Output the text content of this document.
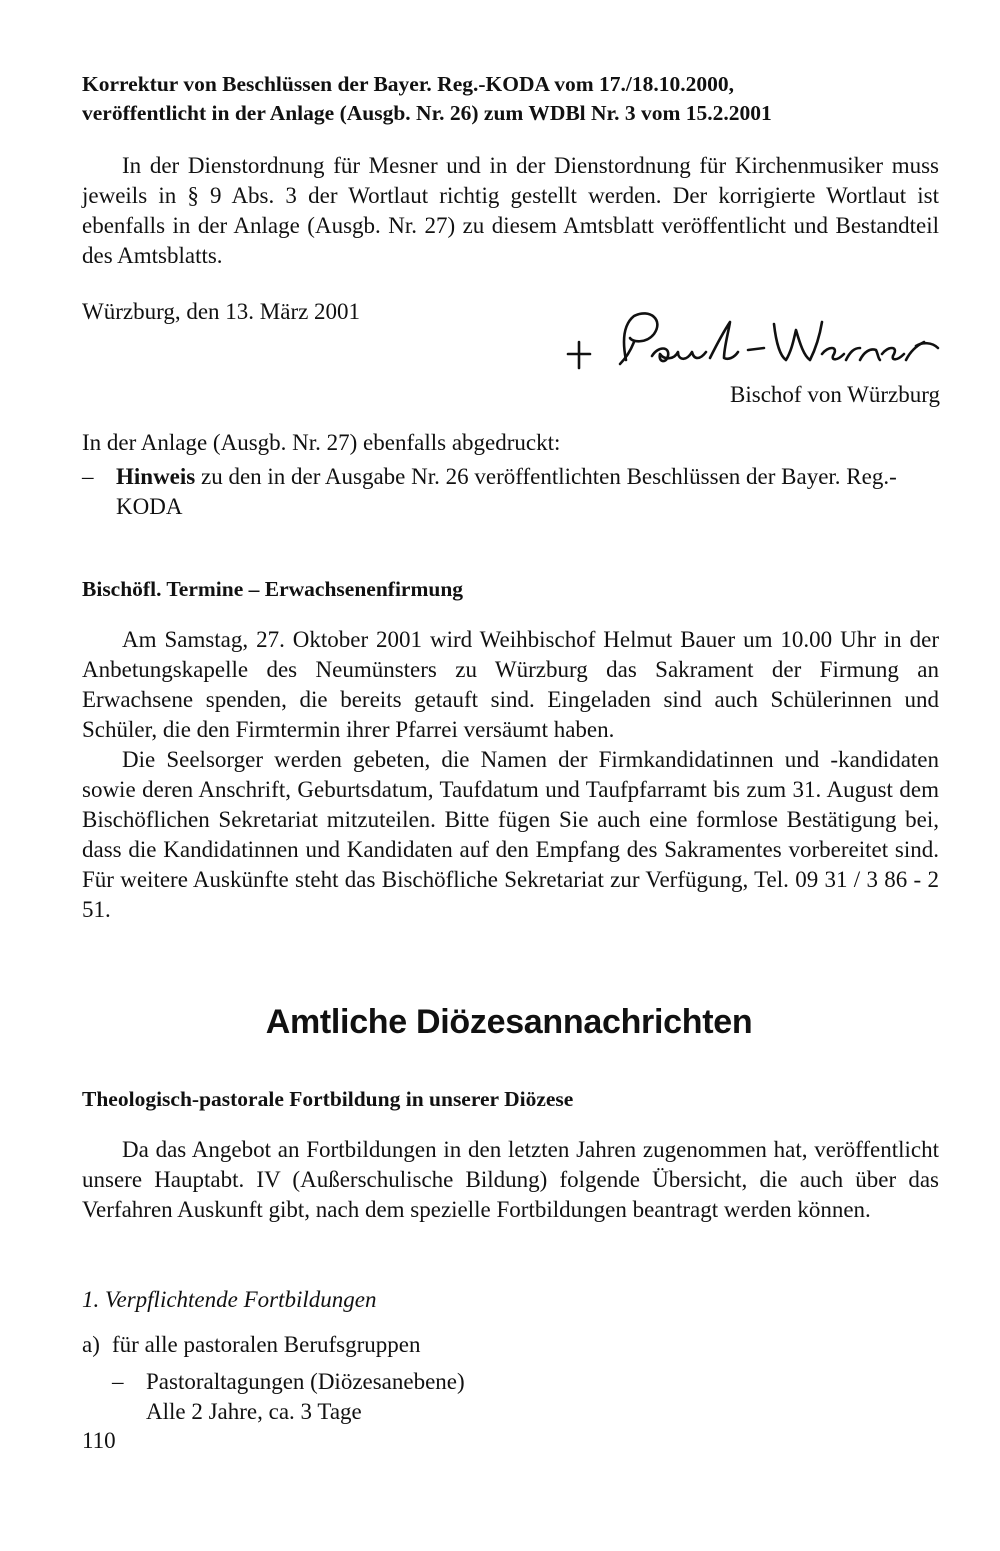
Korrektur von Beschlüssen der Bayer. Reg.-KODA vom 17./18.10.2000,
veröffentlicht in der Anlage (Ausgb. Nr. 26) zum WDBl Nr. 3 vom 15.2.2001

In der Dienstordnung für Mesner und in der Dienstordnung für Kirchenmusiker muss jeweils in § 9 Abs. 3 der Wortlaut richtig gestellt werden. Der korrigierte Wortlaut ist ebenfalls in der Anlage (Ausgb. Nr. 27) zu diesem Amtsblatt veröffentlicht und Bestandteil des Amtsblatts.

Würzburg, den 13. März 2001
Bischof von Würzburg
In der Anlage (Ausgb. Nr. 27) ebenfalls abgedruckt:
– Hinweis zu den in der Ausgabe Nr. 26 veröffentlichten Beschlüssen der Bayer. Reg.-KODA
Bischöfl. Termine – Erwachsenenfirmung

Am Samstag, 27. Oktober 2001 wird Weihbischof Helmut Bauer um 10.00 Uhr in der Anbetungskapelle des Neumünsters zu Würzburg das Sakrament der Firmung an Erwachsene spenden, die bereits getauft sind. Eingeladen sind auch Schülerinnen und Schüler, die den Firmtermin ihrer Pfarrei versäumt haben.

Die Seelsorger werden gebeten, die Namen der Firmkandidatinnen und -kandidaten sowie deren Anschrift, Geburtsdatum, Taufdatum und Taufpfarramt bis zum 31. August dem Bischöflichen Sekretariat mitzuteilen. Bitte fügen Sie auch eine formlose Bestätigung bei, dass die Kandidatinnen und Kandidaten auf den Empfang des Sakramentes vorbereitet sind. Für weitere Auskünfte steht das Bischöfliche Sekretariat zur Verfügung, Tel. 09 31 / 3 86 - 2 51.

Amtliche Diözesannachrichten
Theologisch-pastorale Fortbildung in unserer Diözese

Da das Angebot an Fortbildungen in den letzten Jahren zugenommen hat, veröffentlicht unsere Hauptabt. IV (Außerschulische Bildung) folgende Übersicht, die auch über das Verfahren Auskunft gibt, nach dem spezielle Fortbildungen beantragt werden können.

1. Verpflichtende Fortbildungen
a) für alle pastoralen Berufsgruppen
– Pastoraltagungen (Diözesanebene)
Alle 2 Jahre, ca. 3 Tage
110
